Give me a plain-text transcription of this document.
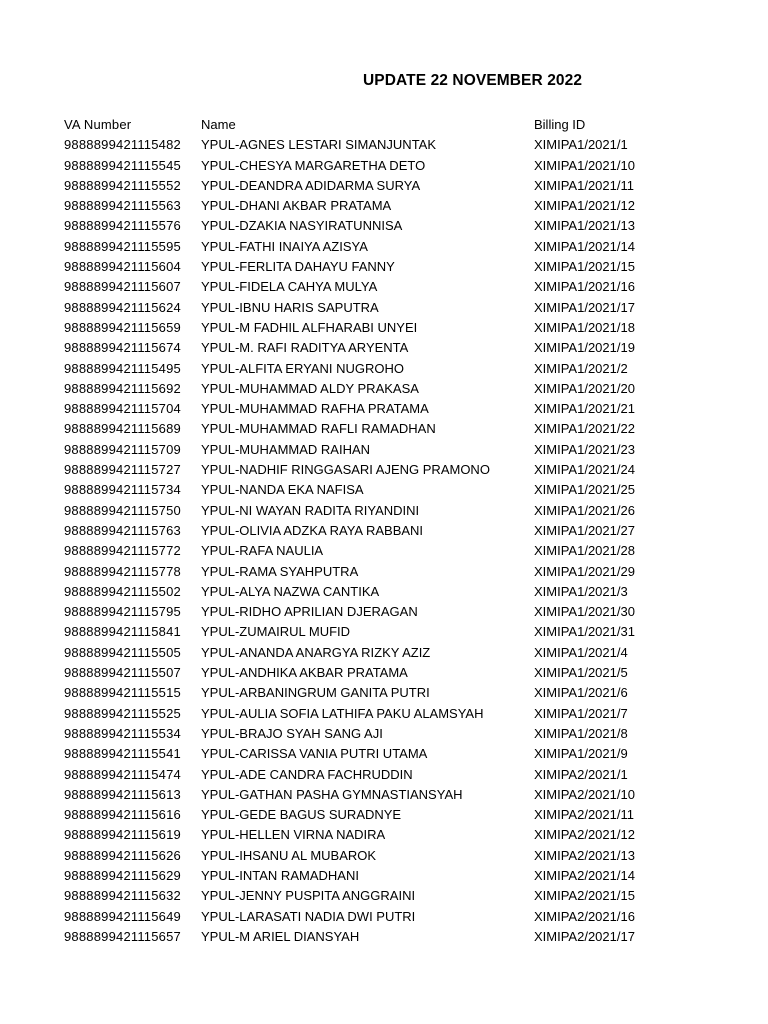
UPDATE 22 NOVEMBER 2022
VA Number	Name	Billing ID
9888899421115482 YPUL-AGNES LESTARI SIMANJUNTAK	XIMIPA1/2021/1
9888899421115545 YPUL-CHESYA MARGARETHA DETO	XIMIPA1/2021/10
9888899421115552 YPUL-DEANDRA ADIDARMA SURYA	XIMIPA1/2021/11
9888899421115563 YPUL-DHANI AKBAR PRATAMA	XIMIPA1/2021/12
9888899421115576 YPUL-DZAKIA NASYIRATUNNISA	XIMIPA1/2021/13
9888899421115595 YPUL-FATHI INAIYA AZISYA	XIMIPA1/2021/14
9888899421115604 YPUL-FERLITA DAHAYU FANNY	XIMIPA1/2021/15
9888899421115607 YPUL-FIDELA CAHYA MULYA	XIMIPA1/2021/16
9888899421115624 YPUL-IBNU HARIS SAPUTRA	XIMIPA1/2021/17
9888899421115659 YPUL-M FADHIL ALFHARABI UNYEI	XIMIPA1/2021/18
9888899421115674 YPUL-M. RAFI RADITYA ARYENTA	XIMIPA1/2021/19
9888899421115495 YPUL-ALFITA ERYANI NUGROHO	XIMIPA1/2021/2
9888899421115692 YPUL-MUHAMMAD ALDY PRAKASA	XIMIPA1/2021/20
9888899421115704 YPUL-MUHAMMAD RAFHA PRATAMA	XIMIPA1/2021/21
9888899421115689 YPUL-MUHAMMAD RAFLI RAMADHAN	XIMIPA1/2021/22
9888899421115709 YPUL-MUHAMMAD RAIHAN	XIMIPA1/2021/23
9888899421115727 YPUL-NADHIF RINGGASARI AJENG PRAMONO	XIMIPA1/2021/24
9888899421115734 YPUL-NANDA EKA NAFISA	XIMIPA1/2021/25
9888899421115750 YPUL-NI WAYAN RADITA RIYANDINI	XIMIPA1/2021/26
9888899421115763 YPUL-OLIVIA ADZKA RAYA RABBANI	XIMIPA1/2021/27
9888899421115772 YPUL-RAFA NAULIA	XIMIPA1/2021/28
9888899421115778 YPUL-RAMA SYAHPUTRA	XIMIPA1/2021/29
9888899421115502 YPUL-ALYA NAZWA CANTIKA	XIMIPA1/2021/3
9888899421115795 YPUL-RIDHO APRILIAN DJERAGAN	XIMIPA1/2021/30
9888899421115841 YPUL-ZUMAIRUL MUFID	XIMIPA1/2021/31
9888899421115505 YPUL-ANANDA ANARGYA RIZKY AZIZ	XIMIPA1/2021/4
9888899421115507 YPUL-ANDHIKA AKBAR PRATAMA	XIMIPA1/2021/5
9888899421115515 YPUL-ARBANINGRUM GANITA PUTRI	XIMIPA1/2021/6
9888899421115525 YPUL-AULIA SOFIA LATHIFA PAKU ALAMSYAH	XIMIPA1/2021/7
9888899421115534 YPUL-BRAJO SYAH SANG AJI	XIMIPA1/2021/8
9888899421115541 YPUL-CARISSA VANIA PUTRI UTAMA	XIMIPA1/2021/9
9888899421115474 YPUL-ADE CANDRA FACHRUDDIN	XIMIPA2/2021/1
9888899421115613 YPUL-GATHAN PASHA GYMNASTIANSYAH	XIMIPA2/2021/10
9888899421115616 YPUL-GEDE BAGUS SURADNYE	XIMIPA2/2021/11
9888899421115619 YPUL-HELLEN VIRNA NADIRA	XIMIPA2/2021/12
9888899421115626 YPUL-IHSANU AL MUBAROK	XIMIPA2/2021/13
9888899421115629 YPUL-INTAN RAMADHANI	XIMIPA2/2021/14
9888899421115632 YPUL-JENNY PUSPITA ANGGRAINI	XIMIPA2/2021/15
9888899421115649 YPUL-LARASATI NADIA DWI PUTRI	XIMIPA2/2021/16
9888899421115657 YPUL-M ARIEL DIANSYAH	XIMIPA2/2021/17
